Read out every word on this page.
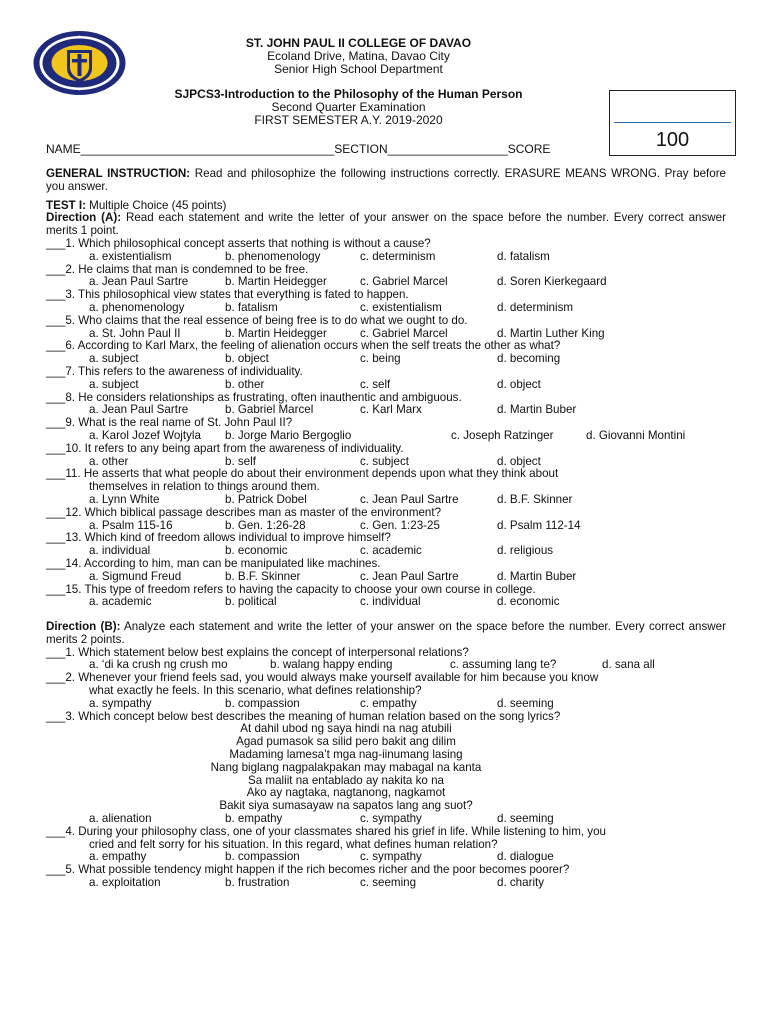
ST. JOHN PAUL II COLLEGE OF DAVAO
Ecoland Drive, Matina, Davao City
Senior High School Department
SJPCS3-Introduction to the Philosophy of the Human Person
Second Quarter Examination
FIRST SEMESTER A.Y. 2019-2020
100
NAME______________________________________SECTION__________________SCORE
GENERAL INSTRUCTION: Read and philosophize the following instructions correctly. ERASURE MEANS WRONG. Pray before you answer.
TEST I: Multiple Choice (45 points)
Direction (A): Read each statement and write the letter of your answer on the space before the number. Every correct answer merits 1 point.
___1. Which philosophical concept asserts that nothing is without a cause?
a. existentialism	b. phenomenology	c. determinism	d. fatalism
___2. He claims that man is condemned to be free.
a. Jean Paul Sartre	b. Martin Heidegger	c. Gabriel Marcel	d. Soren Kierkegaard
___3. This philosophical view states that everything is fated to happen.
a. phenomenology	b. fatalism	c. existentialism	d. determinism
___5. Who claims that the real essence of being free is to do what we ought to do.
a. St. John Paul II	b. Martin Heidegger	c. Gabriel Marcel	d. Martin Luther King
___6. According to Karl Marx, the feeling of alienation occurs when the self treats the other as what?
a. subject	b. object	c. being	d. becoming
___7. This refers to the awareness of individuality.
a. subject	b. other	c. self	d. object
___8. He considers relationships as frustrating, often inauthentic and ambiguous.
a. Jean Paul Sartre	b. Gabriel Marcel	c. Karl Marx	d. Martin Buber
___9. What is the real name of St. John Paul II?
a. Karol Jozef Wojtyla b. Jorge Mario Bergoglio	c. Joseph Ratzinger	d. Giovanni Montini
___10. It refers to any being apart from the awareness of individuality.
a. other	b. self	c. subject	d. object
___11. He asserts that what people do about their environment depends upon what they think about
themselves in relation to things around them.
a. Lynn White	b. Patrick Dobel	c. Jean Paul Sartre	d. B.F. Skinner
___12. Which biblical passage describes man as master of the environment?
a. Psalm 115-16	b. Gen. 1:26-28	c. Gen. 1:23-25	d. Psalm 112-14
___13. Which kind of freedom allows individual to improve himself?
a. individual	b. economic	c. academic	d. religious
___14. According to him, man can be manipulated like machines.
a. Sigmund Freud	b. B.F. Skinner	c. Jean Paul Sartre	d. Martin Buber
___15. This type of freedom refers to having the capacity to choose your own course in college.
a. academic	b. political	c. individual	d. economic
Direction (B): Analyze each statement and write the letter of your answer on the space before the number. Every correct answer merits 2 points.
___1. Which statement below best explains the concept of interpersonal relations?
a. ‘di ka crush ng crush mo	b. walang happy ending	c. assuming lang te?	d. sana all
___2. Whenever your friend feels sad, you would always make yourself available for him because you know
what exactly he feels. In this scenario, what defines relationship?
a. sympathy	b. compassion	c. empathy	d. seeming
___3. Which concept below best describes the meaning of human relation based on the song lyrics?
At dahil ubod ng saya hindi na nag atubili
Agad pumasok sa silid pero bakit ang dilim
Madaming lamesa’t mga nag-iinumang lasing
Nang biglang nagpalakpakan may mabagal na kanta
Sa maliit na entablado ay nakita ko na
Ako ay nagtaka, nagtanong, nagkamot
Bakit siya sumasayaw na sapatos lang ang suot?
a. alienation	b. empathy	c. sympathy	d. seeming
___4. During your philosophy class, one of your classmates shared his grief in life. While listening to him, you
cried and felt sorry for his situation. In this regard, what defines human relation?
a. empathy	b. compassion	c. sympathy	d. dialogue
___5. What possible tendency might happen if the rich becomes richer and the poor becomes poorer?
a. exploitation	b. frustration	c. seeming	d. charity
